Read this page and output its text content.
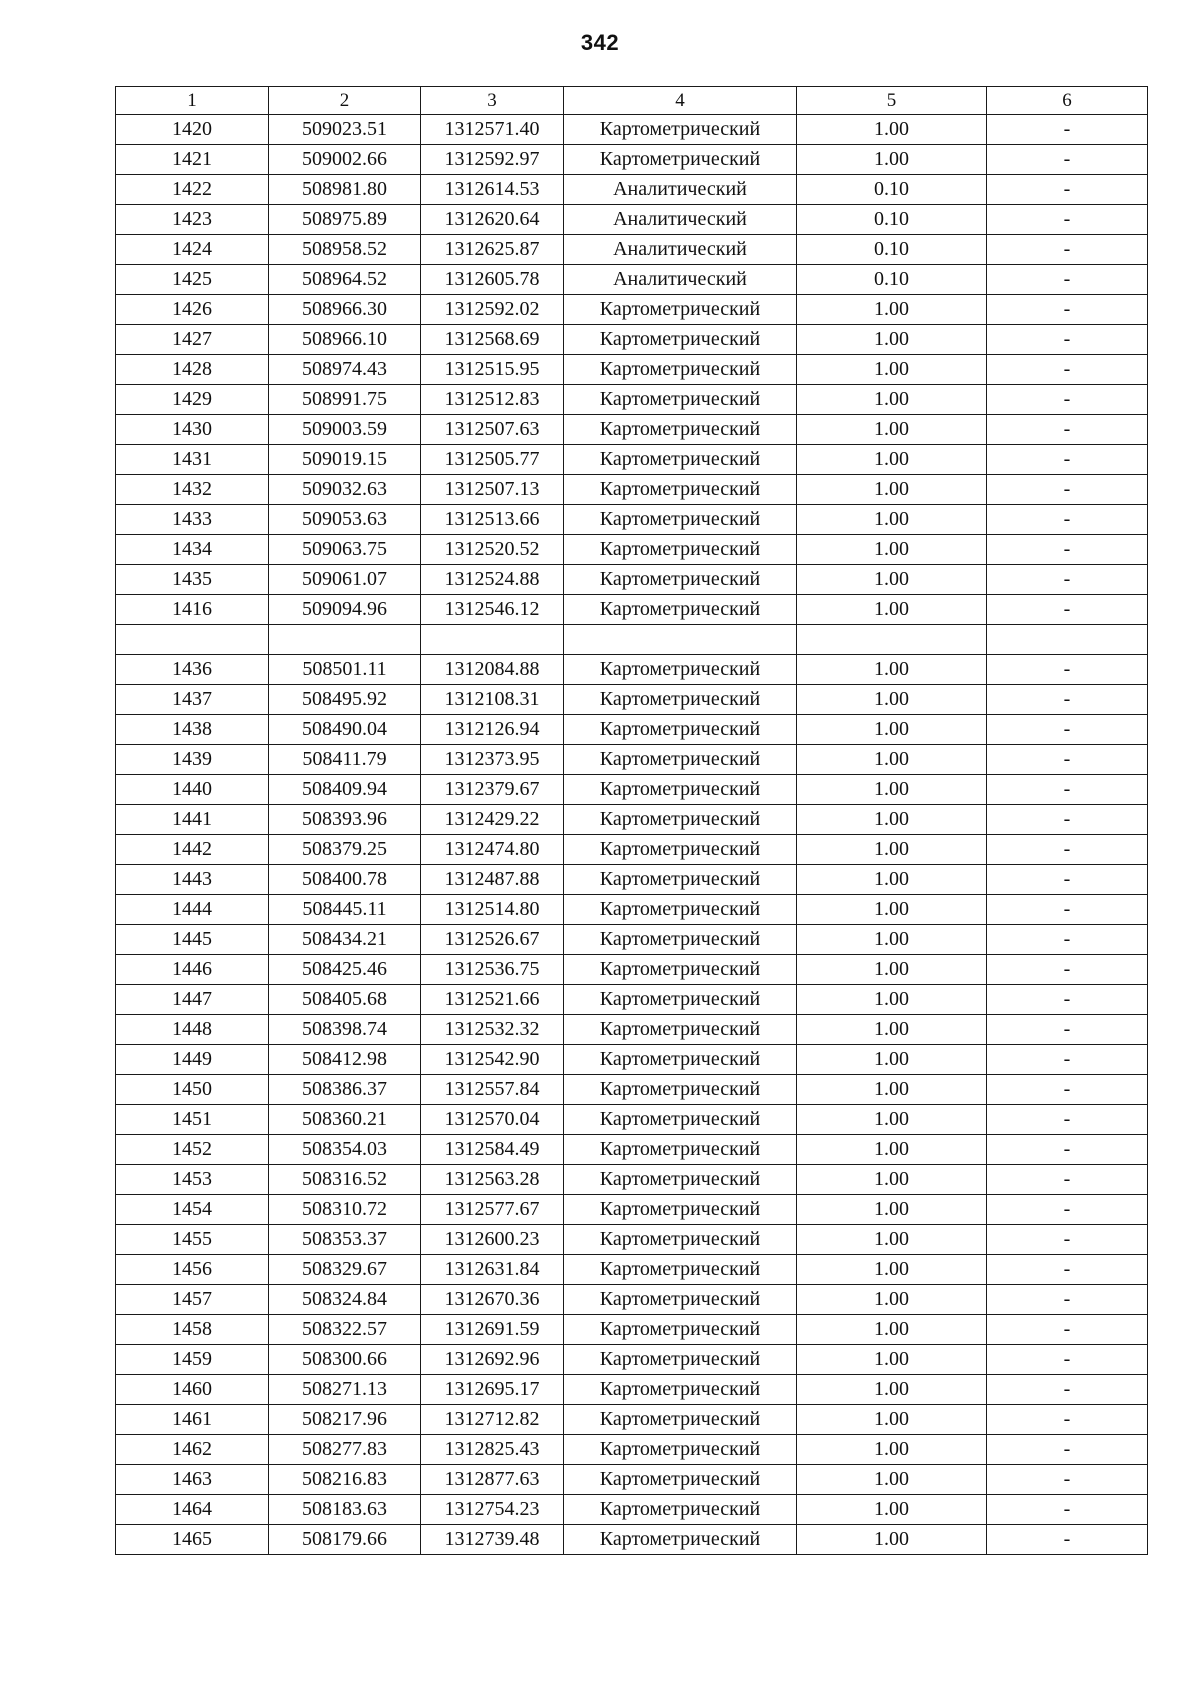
342
1	2	3	4	5	6
1420	509023.51	1312571.40	Картометрический	1.00	-
1421	509002.66	1312592.97	Картометрический	1.00	-
1422	508981.80	1312614.53	Аналитический	0.10	-
1423	508975.89	1312620.64	Аналитический	0.10	-
1424	508958.52	1312625.87	Аналитический	0.10	-
1425	508964.52	1312605.78	Аналитический	0.10	-
1426	508966.30	1312592.02	Картометрический	1.00	-
1427	508966.10	1312568.69	Картометрический	1.00	-
1428	508974.43	1312515.95	Картометрический	1.00	-
1429	508991.75	1312512.83	Картометрический	1.00	-
1430	509003.59	1312507.63	Картометрический	1.00	-
1431	509019.15	1312505.77	Картометрический	1.00	-
1432	509032.63	1312507.13	Картометрический	1.00	-
1433	509053.63	1312513.66	Картометрический	1.00	-
1434	509063.75	1312520.52	Картометрический	1.00	-
1435	509061.07	1312524.88	Картометрический	1.00	-
1416	509094.96	1312546.12	Картометрический	1.00	-

1436	508501.11	1312084.88	Картометрический	1.00	-
1437	508495.92	1312108.31	Картометрический	1.00	-
1438	508490.04	1312126.94	Картометрический	1.00	-
1439	508411.79	1312373.95	Картометрический	1.00	-
1440	508409.94	1312379.67	Картометрический	1.00	-
1441	508393.96	1312429.22	Картометрический	1.00	-
1442	508379.25	1312474.80	Картометрический	1.00	-
1443	508400.78	1312487.88	Картометрический	1.00	-
1444	508445.11	1312514.80	Картометрический	1.00	-
1445	508434.21	1312526.67	Картометрический	1.00	-
1446	508425.46	1312536.75	Картометрический	1.00	-
1447	508405.68	1312521.66	Картометрический	1.00	-
1448	508398.74	1312532.32	Картометрический	1.00	-
1449	508412.98	1312542.90	Картометрический	1.00	-
1450	508386.37	1312557.84	Картометрический	1.00	-
1451	508360.21	1312570.04	Картометрический	1.00	-
1452	508354.03	1312584.49	Картометрический	1.00	-
1453	508316.52	1312563.28	Картометрический	1.00	-
1454	508310.72	1312577.67	Картометрический	1.00	-
1455	508353.37	1312600.23	Картометрический	1.00	-
1456	508329.67	1312631.84	Картометрический	1.00	-
1457	508324.84	1312670.36	Картометрический	1.00	-
1458	508322.57	1312691.59	Картометрический	1.00	-
1459	508300.66	1312692.96	Картометрический	1.00	-
1460	508271.13	1312695.17	Картометрический	1.00	-
1461	508217.96	1312712.82	Картометрический	1.00	-
1462	508277.83	1312825.43	Картометрический	1.00	-
1463	508216.83	1312877.63	Картометрический	1.00	-
1464	508183.63	1312754.23	Картометрический	1.00	-
1465	508179.66	1312739.48	Картометрический	1.00	-
